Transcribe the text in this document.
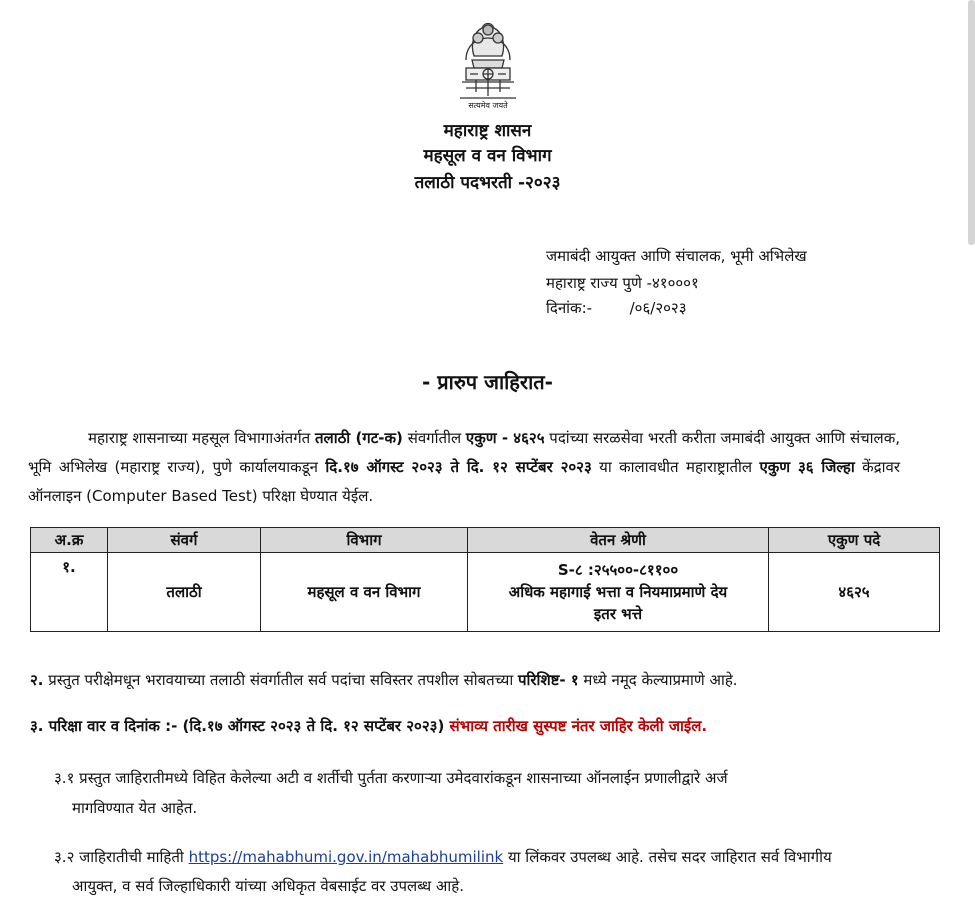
सत्यमेव जयते
महाराष्ट्र शासन
महसूल व वन विभाग
तलाठी पदभरती -२०२३
जमाबंदी आयुक्त आणि संचालक, भूमी अभिलेख
महाराष्ट्र राज्य पुणे -४१०००१
दिनांक:-	/०६/२०२३
- प्रारुप जाहिरात-
महाराष्ट्र शासनाच्या महसूल विभागाअंतर्गत तलाठी (गट-क) संवर्गातील एकुण - ४६२५ पदांच्या सरळसेवा भरती करीता जमाबंदी आयुक्त आणि संचालक, भूमि अभिलेख (महाराष्ट्र राज्य), पुणे कार्यालयाकडून दि.१७ ऑगस्ट २०२३ ते दि. १२ सप्टेंबर २०२३ या कालावधीत महाराष्ट्रातील एकुण ३६ जिल्हा केंद्रावर ऑनलाइन (Computer Based Test) परिक्षा घेण्यात येईल.
अ.क्र	संवर्ग	विभाग	वेतन श्रेणी	एकुण पदे
१.	तलाठी	महसूल व वन विभाग	S-८ :२५५००-८११००
अधिक महागाई भत्ता व नियमाप्रमाणे देय
इतर भत्ते	४६२५
२. प्रस्तुत परीक्षेमधून भरावयाच्या तलाठी संवर्गातील सर्व पदांचा सविस्तर तपशील सोबतच्या परिशिष्ट- १ मध्ये नमूद केल्याप्रमाणे आहे.
३. परिक्षा वार व दिनांक :- (दि.१७ ऑगस्ट २०२३ ते दि. १२ सप्टेंबर २०२३) संभाव्य तारीख सुस्पष्ट नंतर जाहिर केली जाईल.
३.१ प्रस्तुत जाहिरातीमध्ये विहित केलेल्या अटी व शर्तीची पुर्तता करणाऱ्या उमेदवारांकडून शासनाच्या ऑनलाईन प्रणालीद्वारे अर्ज
मागविण्यात येत आहेत.
३.२ जाहिरातीची माहिती https://mahabhumi.gov.in/mahabhumilink या लिंकवर उपलब्ध आहे. तसेच सदर जाहिरात सर्व विभागीय
आयुक्त, व सर्व जिल्हाधिकारी यांच्या अधिकृत वेबसाईट वर उपलब्ध आहे.
